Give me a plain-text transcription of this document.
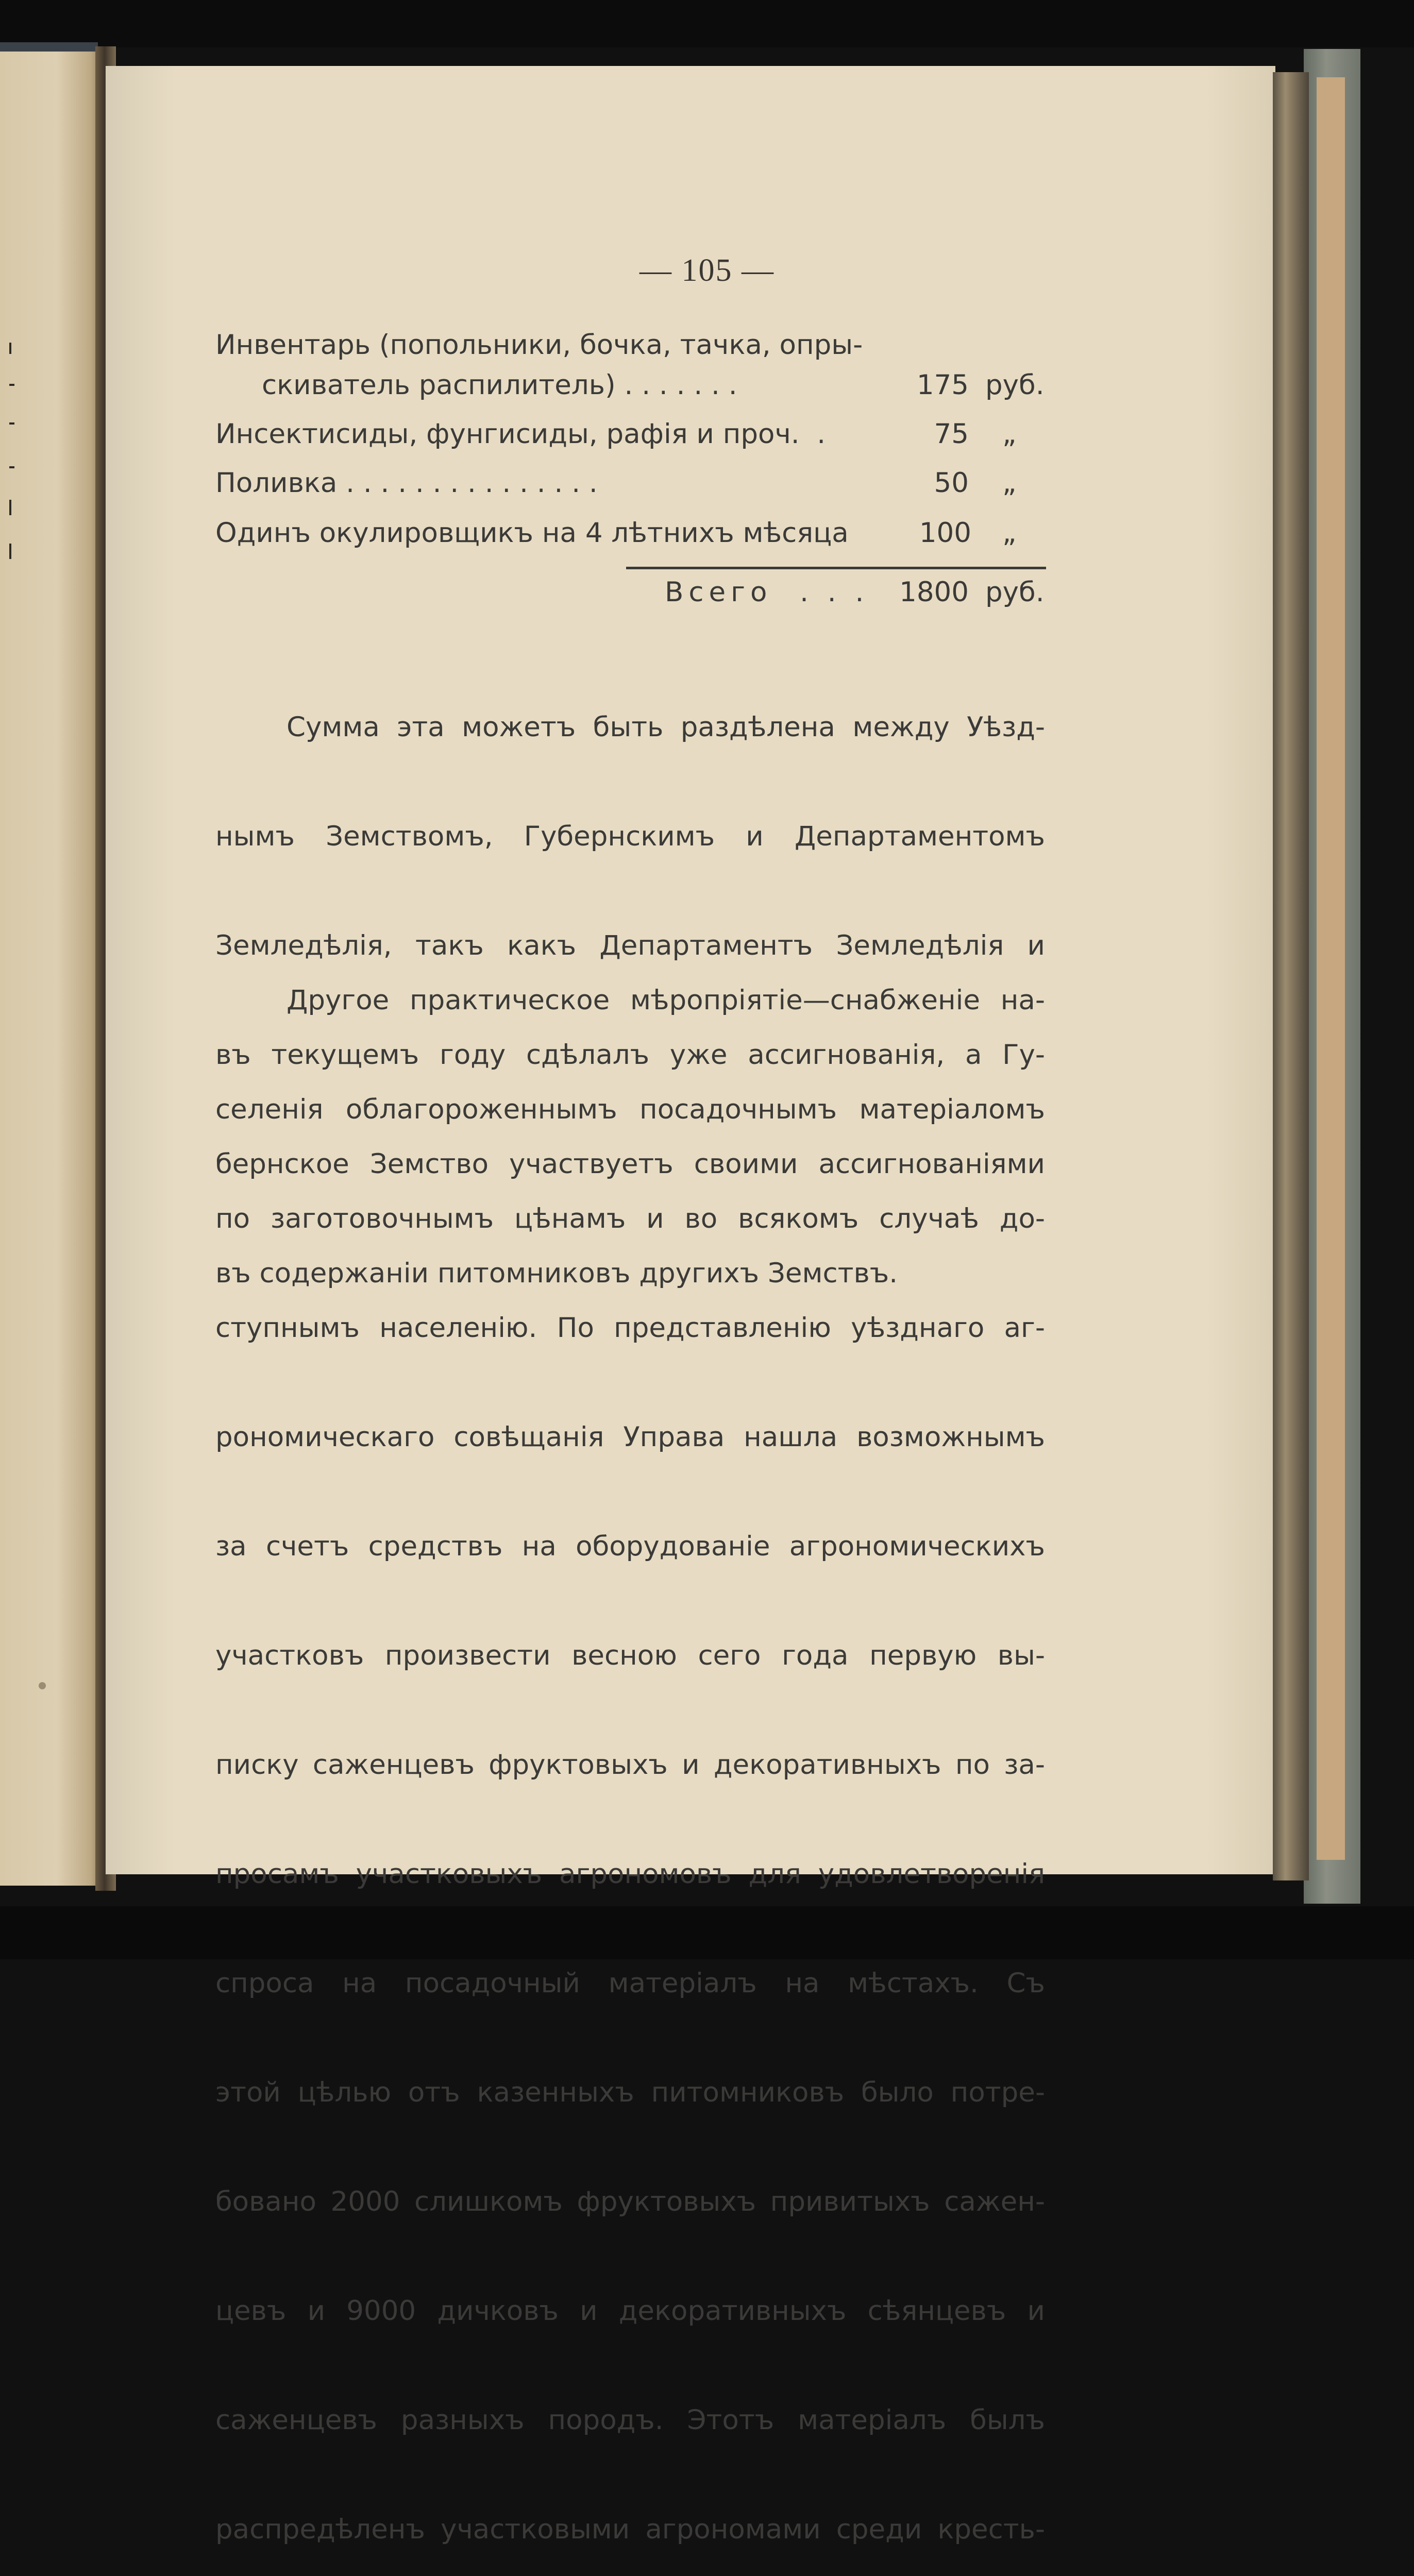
— 105 —
Инвентарь (попольники, бочка, тачка, опры-
скиватель распилитель) . . . . . . .	175 руб.
Инсектисиды, фунгисиды, рафія и проч.  .	75 „
Поливка . . . . . . . . . . . . . . .	50 „
Одинъ окулировщикъ на 4 лѣтнихъ мѣсяца	100 „
Всего  . . .	1800 руб.

Сумма эта можетъ быть раздѣлена между Уѣзд-

нымъ Земствомъ, Губернскимъ и Департаментомъ

Земледѣлія, такъ какъ Департаментъ Земледѣлія и

въ текущемъ году сдѣлалъ уже ассигнованія, а Гу-

бернское Земство участвуетъ своими ассигнованіями

въ содержаніи питомниковъ другихъ Земствъ.

Другое практическое мѣропріятіе—снабженіе на-

селенія облагороженнымъ посадочнымъ матеріаломъ

по заготовочнымъ цѣнамъ и во всякомъ случаѣ до-

ступнымъ населенію. По представленію уѣзднаго аг-

рономическаго совѣщанія Управа нашла возможнымъ

за счетъ средствъ на оборудованіе агрономическихъ

участковъ произвести весною сего года первую вы-

писку саженцевъ фруктовыхъ и декоративныхъ по за-

просамъ участковыхъ агрономовъ для удовлетворенія

спроса на посадочный матеріалъ на мѣстахъ. Съ

этой цѣлью отъ казенныхъ питомниковъ было потре-

бовано 2000 слишкомъ фруктовыхъ привитыхъ сажен-

цевъ и 9000 дичковъ и декоративныхъ сѣянцевъ и

саженцевъ разныхъ породъ. Этотъ матеріалъ былъ

распредѣленъ участковыми агрономами среди кресть-
